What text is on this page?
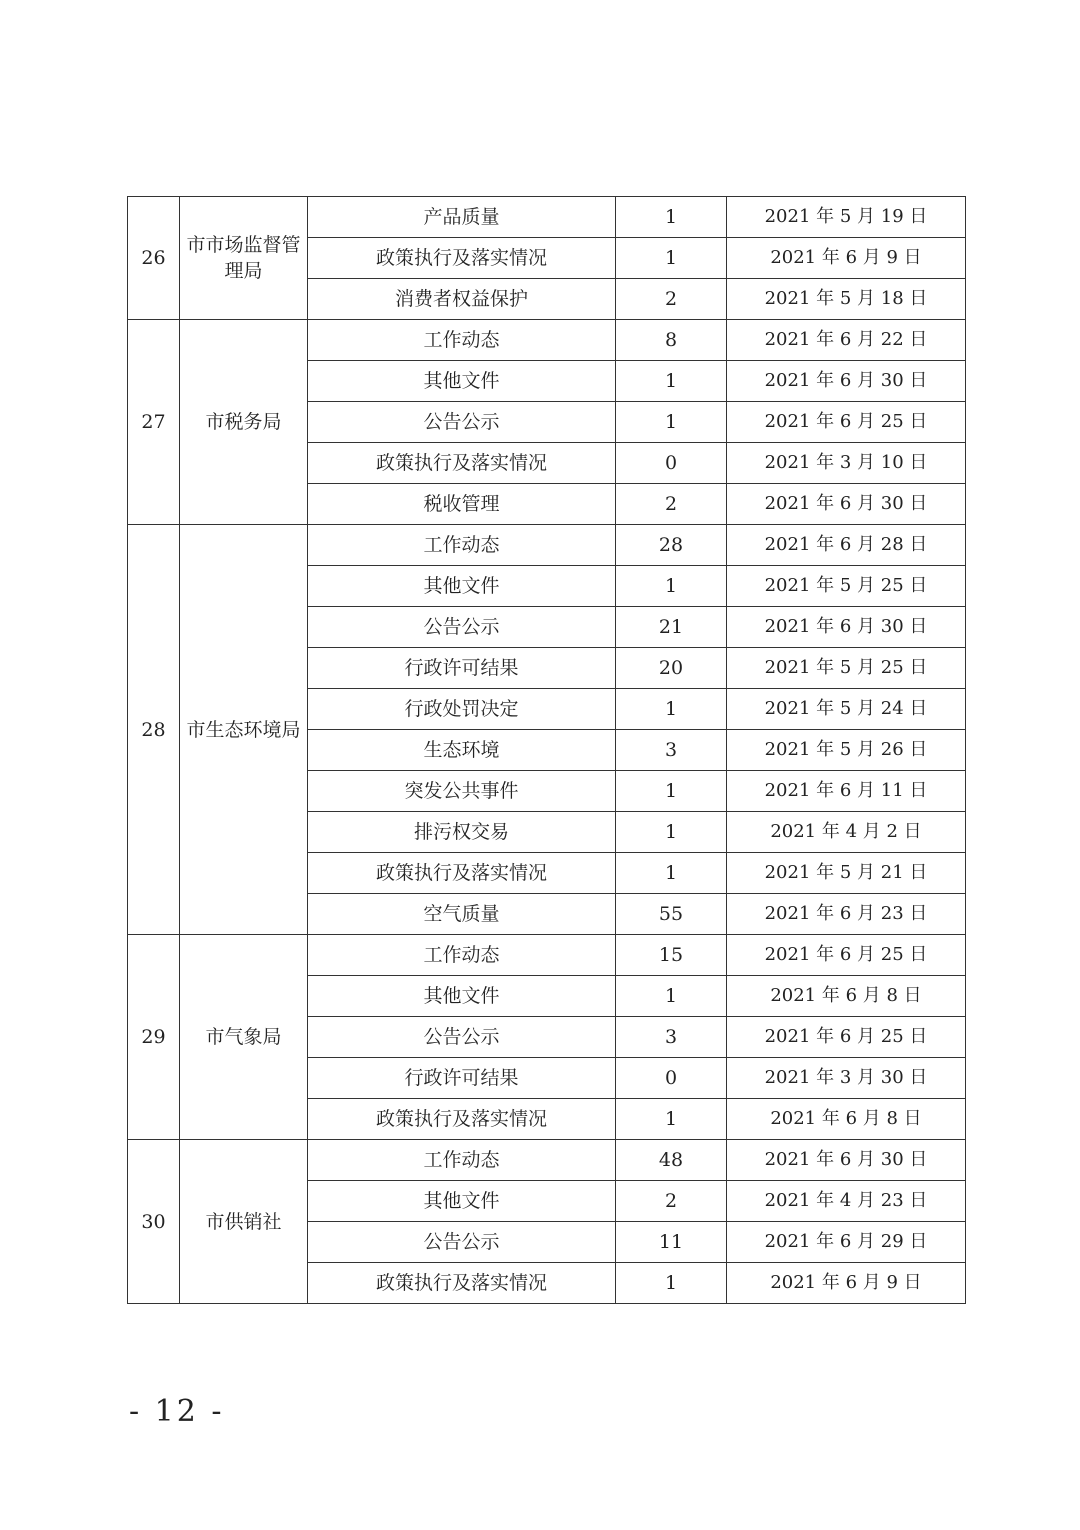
26	市市场监督管理局	产品质量	1	2021 年 5 月 19 日
		政策执行及落实情况	1	2021 年 6 月 9 日
		消费者权益保护	2	2021 年 5 月 18 日
27	市税务局	工作动态	8	2021 年 6 月 22 日
		其他文件	1	2021 年 6 月 30 日
		公告公示	1	2021 年 6 月 25 日
		政策执行及落实情况	0	2021 年 3 月 10 日
		税收管理	2	2021 年 6 月 30 日
28	市生态环境局	工作动态	28	2021 年 6 月 28 日
		其他文件	1	2021 年 5 月 25 日
		公告公示	21	2021 年 6 月 30 日
		行政许可结果	20	2021 年 5 月 25 日
		行政处罚决定	1	2021 年 5 月 24 日
		生态环境	3	2021 年 5 月 26 日
		突发公共事件	1	2021 年 6 月 11 日
		排污权交易	1	2021 年 4 月 2 日
		政策执行及落实情况	1	2021 年 5 月 21 日
		空气质量	55	2021 年 6 月 23 日
29	市气象局	工作动态	15	2021 年 6 月 25 日
		其他文件	1	2021 年 6 月 8 日
		公告公示	3	2021 年 6 月 25 日
		行政许可结果	0	2021 年 3 月 30 日
		政策执行及落实情况	1	2021 年 6 月 8 日
30	市供销社	工作动态	48	2021 年 6 月 30 日
		其他文件	2	2021 年 4 月 23 日
		公告公示	11	2021 年 6 月 29 日
		政策执行及落实情况	1	2021 年 6 月 9 日
- 12 -
